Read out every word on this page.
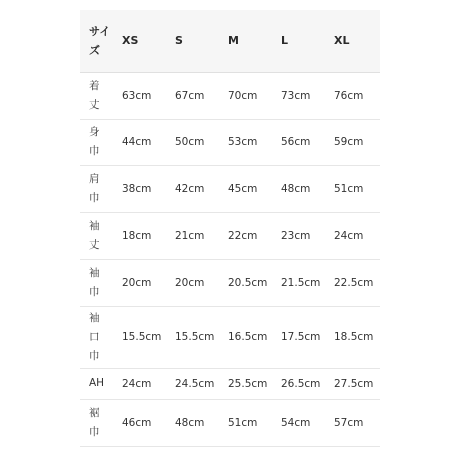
サイ
ズ	XS	S	M	L	XL

着
丈	63cm	67cm	70cm	73cm	76cm

身
巾	44cm	50cm	53cm	56cm	59cm

肩
巾	38cm	42cm	45cm	48cm	51cm

袖
丈	18cm	21cm	22cm	23cm	24cm

袖
巾	20cm	20cm	20.5cm	21.5cm	22.5cm

袖
口
巾	15.5cm	15.5cm	16.5cm	17.5cm	18.5cm

AH	24cm	24.5cm	25.5cm	26.5cm	27.5cm

裾
巾	46cm	48cm	51cm	54cm	57cm
